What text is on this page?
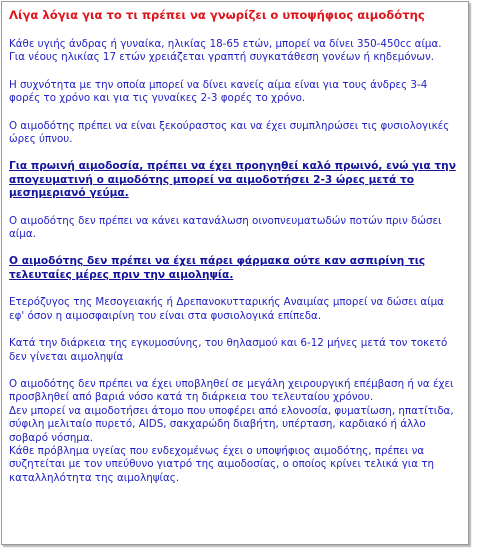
Λίγα λόγια για το τι πρέπει να γνωρίζει ο υποψήφιος αιμοδότης
Κάθε υγιής άνδρας ή γυναίκα, ηλικίας 18-65 ετών, μπορεί να δίνει 350-450cc αίμα. Για νέους ηλικίας 17 ετών χρειάζεται γραπτή συγκατάθεση γονέων ή κηδεμόνων.
Η συχνότητα με την οποία μπορεί να δίνει κανείς αίμα είναι για τους άνδρες 3-4 φορές το χρόνο και για τις γυναίκες 2-3 φορές το χρόνο.
Ο αιμοδότης πρέπει να είναι ξεκούραστος και να έχει συμπληρώσει τις φυσιολογικές ώρες ύπνου.
Για πρωινή αιμοδοσία, πρέπει να έχει προηγηθεί καλό πρωινό, ενώ για την απογευματινή ο αιμοδότης μπορεί να αιμοδοτήσει 2-3 ώρες μετά το μεσημεριανό γεύμα.
Ο αιμοδότης δεν πρέπει να κάνει κατανάλωση οινοπνευματωδών ποτών πριν δώσει αίμα.
Ο αιμοδότης δεν πρέπει να έχει πάρει φάρμακα ούτε καν ασπιρίνη τις τελευταίες μέρες πριν την αιμοληψία.
Ετερόζυγος της Μεσογειακής ή Δρεπανοκυτταρικής Αναιμίας μπορεί να δώσει αίμα εφ' όσον η αιμοσφαιρίνη του είναι στα φυσιολογικά επίπεδα.
Κατά την διάρκεια της εγκυμοσύνης, του θηλασμού και 6-12 μήνες μετά τον τοκετό δεν γίνεται αιμοληψία
Ο αιμοδότης δεν πρέπει να έχει υποβληθεί σε μεγάλη χειρουργική επέμβαση ή να έχει προσβληθεί από βαριά νόσο κατά τη διάρκεια του τελευταίου χρόνου.
Δεν μπορεί να αιμοδοτήσει άτομο που υποφέρει από ελονοσία, φυματίωση, ηπατίτιδα, σύφιλη μελιταίο πυρετό, AIDS, σακχαρώδη διαβήτη, υπέρταση, καρδιακό ή άλλο σοβαρό νόσημα.
Κάθε πρόβλημα υγείας που ενδεχομένως έχει ο υποψήφιος αιμοδότης, πρέπει να συζητείται με τον υπεύθυνο γιατρό της αιμοδοσίας, ο οποίος κρίνει τελικά για τη καταλληλότητα της αιμοληψίας.
